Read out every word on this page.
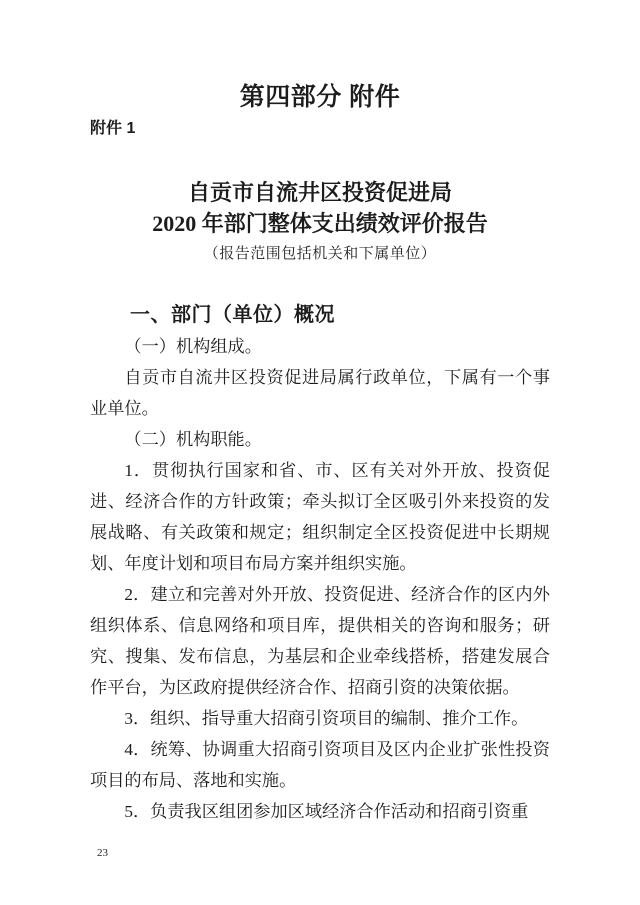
第四部分 附件
附件 1
自贡市自流井区投资促进局
2020 年部门整体支出绩效评价报告
（报告范围包括机关和下属单位）
一、部门（单位）概况

（一）机构组成。

自贡市自流井区投资促进局属行政单位，下属有一个事业单位。

（二）机构职能。

1．贯彻执行国家和省、市、区有关对外开放、投资促进、经济合作的方针政策；牵头拟订全区吸引外来投资的发展战略、有关政策和规定；组织制定全区投资促进中长期规划、年度计划和项目布局方案并组织实施。

2．建立和完善对外开放、投资促进、经济合作的区内外组织体系、信息网络和项目库，提供相关的咨询和服务；研究、搜集、发布信息，为基层和企业牵线搭桥，搭建发展合作平台，为区政府提供经济合作、招商引资的决策依据。

3．组织、指导重大招商引资项目的编制、推介工作。

4．统筹、协调重大招商引资项目及区内企业扩张性投资项目的布局、落地和实施。

5．负责我区组团参加区域经济合作活动和招商引资重

23
